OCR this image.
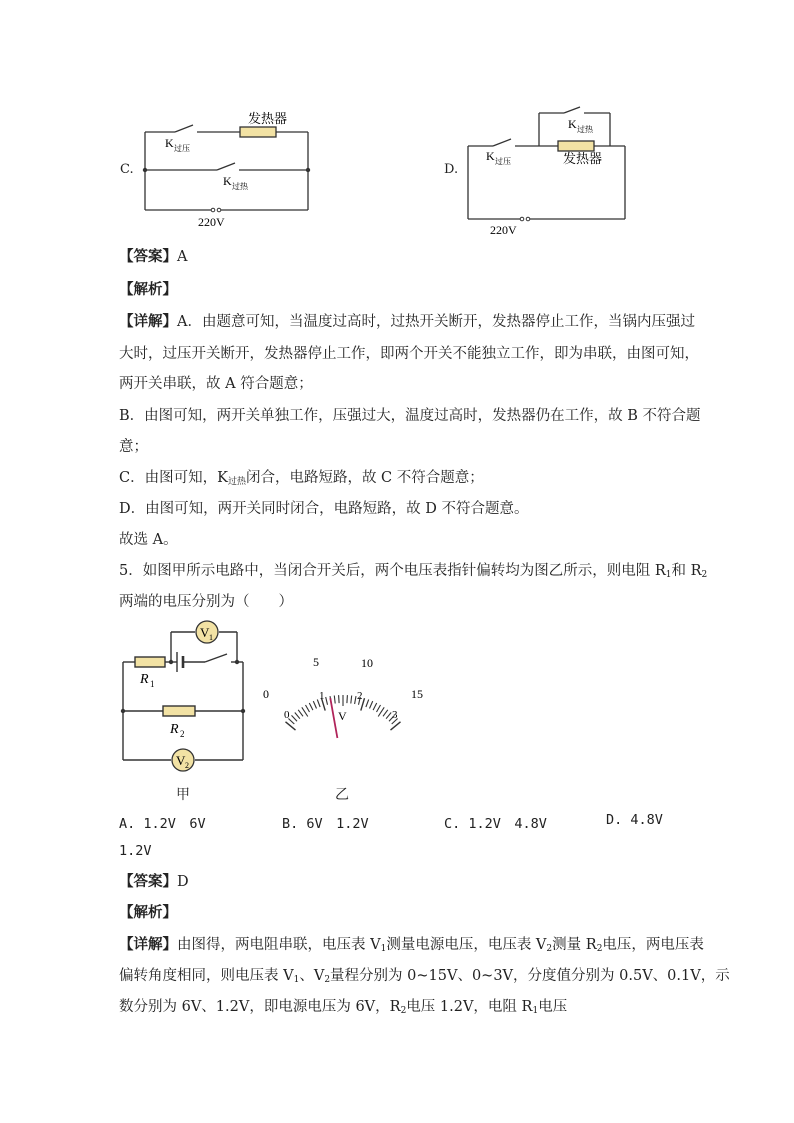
C.
发热器
K 过压
K 过热
220V
D.
发热器
K 过压
K 过热
220V
【答案】A
【解析】
【详解】A．由题意可知，当温度过高时，过热开关断开，发热器停止工作，当锅内压强过
大时，过压开关断开，发热器停止工作，即两个开关不能独立工作，即为串联，由图可知，
两开关串联，故 A 符合题意；
B．由图可知，两开关单独工作，压强过大，温度过高时，发热器仍在工作，故 B 不符合题
意；
C．由图可知，$K_{过热}$闭合，电路短路，故 C 不符合题意；
D．由图可知，两开关同时闭合，电路短路，故 D 不符合题意。
故选 A。
5．如图甲所示电路中，当闭合开关后，两个电压表指针偏转均为图乙所示，则电阻 $R_1$和 $R_2$
两端的电压分别为（　　）
V 1
V 2
R 1
R 2
甲
0
5	10
15
0
1	2
3
V
乙
A. 1.2V　6V	B. 6V　1.2V	C. 1.2V　4.8V	D. 4.8V
1.2V
【答案】D
【解析】
【详解】由图得，两电阻串联，电压表 $V_1$测量电源电压，电压表 $V_2$测量 $R_2$电压，两电压表
偏转角度相同，则电压表 $V_1$、$V_2$量程分别为 0~15V、0~3V，分度值分别为 0.5V、0.1V，示
数分别为 6V、1.2V，即电源电压为 6V，$R_2$电压 1.2V，电阻 $R_1$电压
